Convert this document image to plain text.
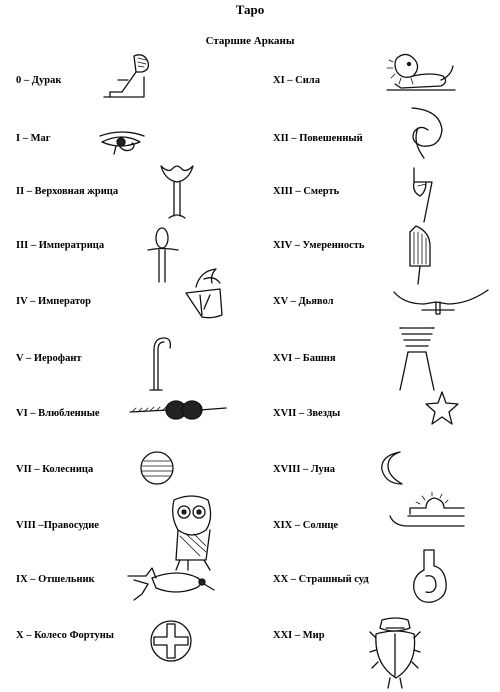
Таро
Старшие Арканы
0 – Дурак
I – Маг
II – Верховная жрица
III – Императрица
IV – Император
V – Иерофант
VI – Влюбленные
VII – Колесница
VIII –Правосудие
IX – Отшельник
X – Колесо Фортуны
XI – Сила
XII – Повешенный
XIII – Смерть
XIV – Умеренность
XV – Дьявол
XVI – Башня
XVII – Звезды
XVIII – Луна
XIX – Солнце
XX – Страшный суд
XXI – Мир
